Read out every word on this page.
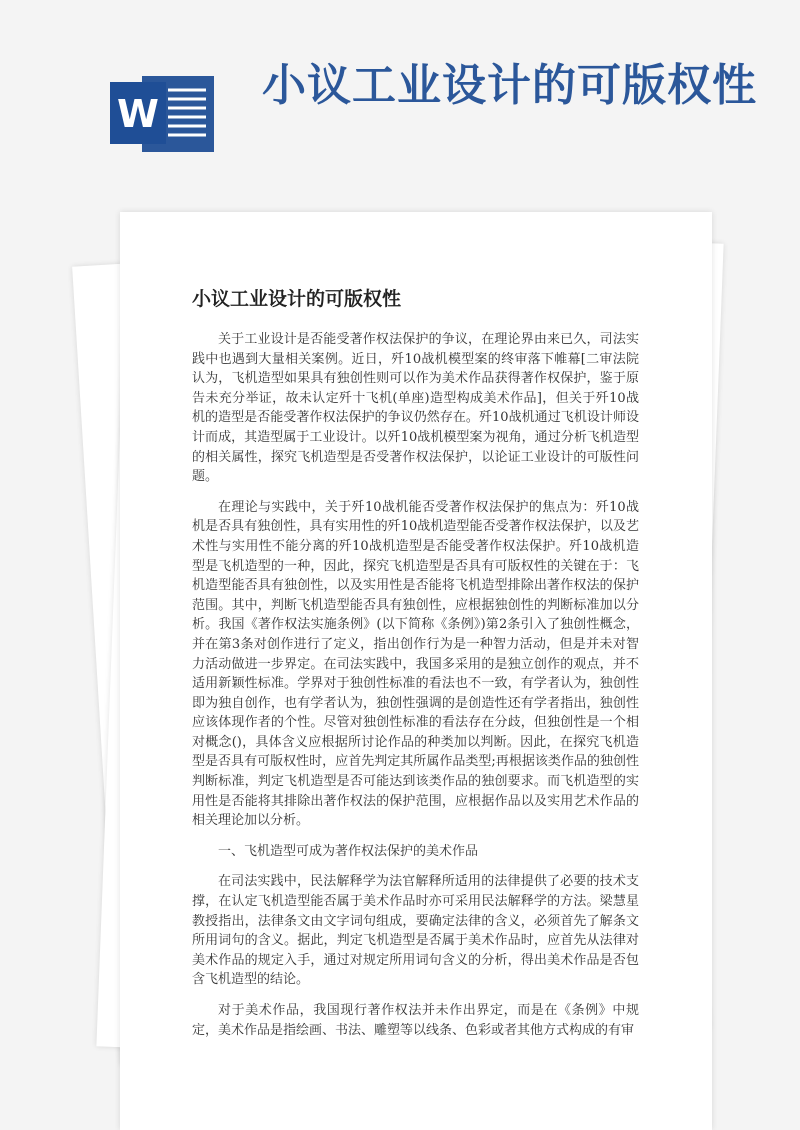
W
小议工业设计的可版权性
小议工业设计的可版权性

关于工业设计是否能受著作权法保护的争议，在理论界由来已久，司法实践中也遇到大量相关案例。近日，歼10战机模型案的终审落下帷幕[二审法院认为，飞机造型如果具有独创性则可以作为美术作品获得著作权保护，鉴于原告未充分举证，故未认定歼十飞机(单座)造型构成美术作品]，但关于歼10战机的造型是否能受著作权法保护的争议仍然存在。歼10战机通过飞机设计师设计而成，其造型属于工业设计。以歼10战机模型案为视角，通过分析飞机造型的相关属性，探究飞机造型是否受著作权法保护，以论证工业设计的可版性问题。

在理论与实践中，关于歼10战机能否受著作权法保护的焦点为：歼10战机是否具有独创性，具有实用性的歼10战机造型能否受著作权法保护，以及艺术性与实用性不能分离的歼10战机造型是否能受著作权法保护。歼10战机造型是飞机造型的一种，因此，探究飞机造型是否具有可版权性的关键在于：飞机造型能否具有独创性，以及实用性是否能将飞机造型排除出著作权法的保护范围。其中，判断飞机造型能否具有独创性，应根据独创性的判断标准加以分析。我国《著作权法实施条例》(以下简称《条例》)第2条引入了独创性概念，并在第3条对创作进行了定义，指出创作行为是一种智力活动，但是并未对智力活动做进一步界定。在司法实践中，我国多采用的是独立创作的观点，并不适用新颖性标准。学界对于独创性标准的看法也不一致，有学者认为，独创性即为独自创作，也有学者认为，独创性强调的是创造性还有学者指出，独创性应该体现作者的个性。尽管对独创性标准的看法存在分歧，但独创性是一个相对概念()，具体含义应根据所讨论作品的种类加以判断。因此，在探究飞机造型是否具有可版权性时，应首先判定其所属作品类型;再根据该类作品的独创性判断标准，判定飞机造型是否可能达到该类作品的独创要求。而飞机造型的实用性是否能将其排除出著作权法的保护范围，应根据作品以及实用艺术作品的相关理论加以分析。

一、飞机造型可成为著作权法保护的美术作品

在司法实践中，民法解释学为法官解释所适用的法律提供了必要的技术支撑，在认定飞机造型能否属于美术作品时亦可采用民法解释学的方法。梁慧星教授指出，法律条文由文字词句组成，要确定法律的含义，必须首先了解条文所用词句的含义。据此，判定飞机造型是否属于美术作品时，应首先从法律对美术作品的规定入手，通过对规定所用词句含义的分析，得出美术作品是否包含飞机造型的结论。

对于美术作品，我国现行著作权法并未作出界定，而是在《条例》中规定，美术作品是指绘画、书法、雕塑等以线条、色彩或者其他方式构成的有审
